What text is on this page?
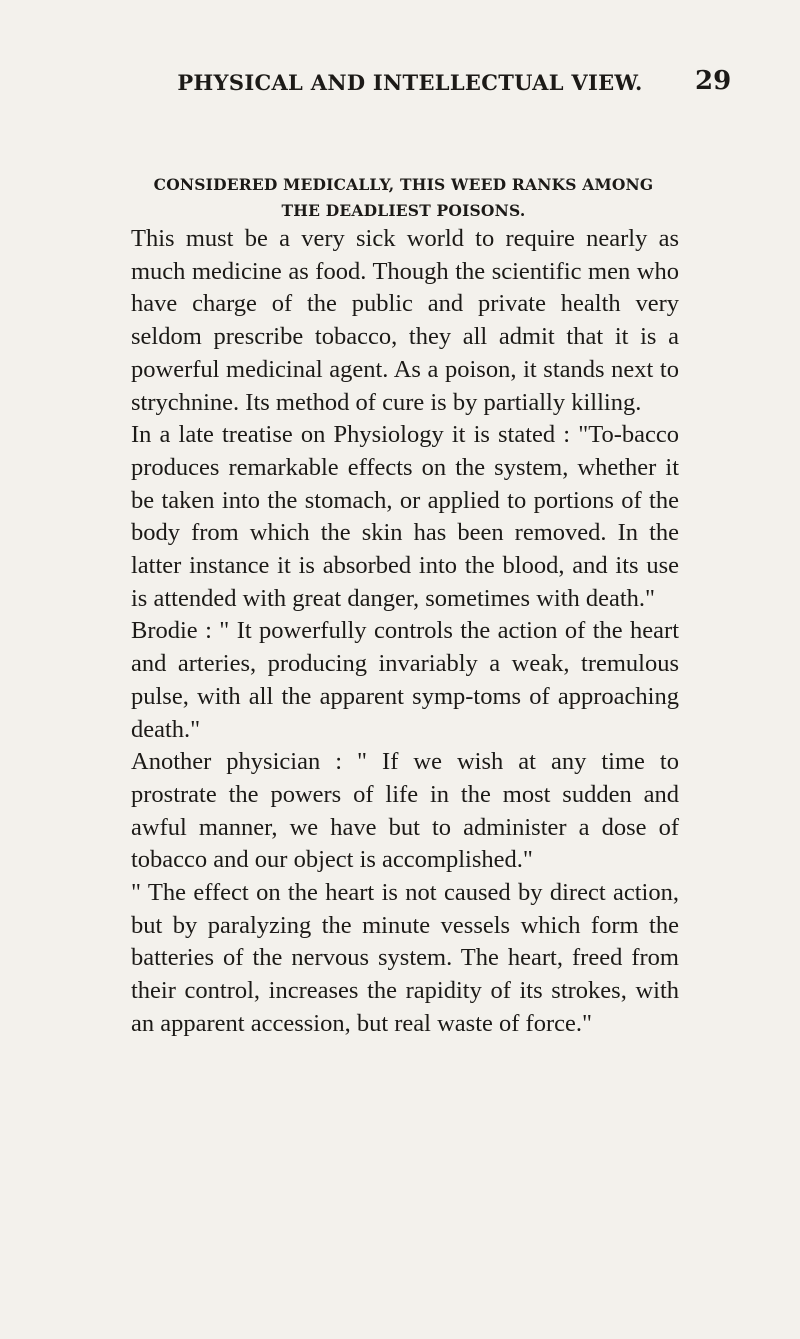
PHYSICAL AND INTELLECTUAL VIEW.	29
CONSIDERED MEDICALLY, THIS WEED RANKS AMONG
THE DEADLIEST POISONS.

This must be a very sick world to require nearly as much medicine as food. Though the scientific men who have charge of the public and private health very seldom prescribe tobacco, they all admit that it is a powerful medicinal agent. As a poison, it stands next to strychnine. Its method of cure is by partially killing.

In a late treatise on Physiology it is stated : "To-bacco produces remarkable effects on the system, whether it be taken into the stomach, or applied to portions of the body from which the skin has been removed. In the latter instance it is absorbed into the blood, and its use is attended with great danger, sometimes with death."

Brodie : " It powerfully controls the action of the heart and arteries, producing invariably a weak, tremulous pulse, with all the apparent symp-toms of approaching death."

Another physician : " If we wish at any time to prostrate the powers of life in the most sudden and awful manner, we have but to administer a dose of tobacco and our object is accomplished."

" The effect on the heart is not caused by direct action, but by paralyzing the minute vessels which form the batteries of the nervous system. The heart, freed from their control, increases the rapidity of its strokes, with an apparent accession, but real waste of force."
